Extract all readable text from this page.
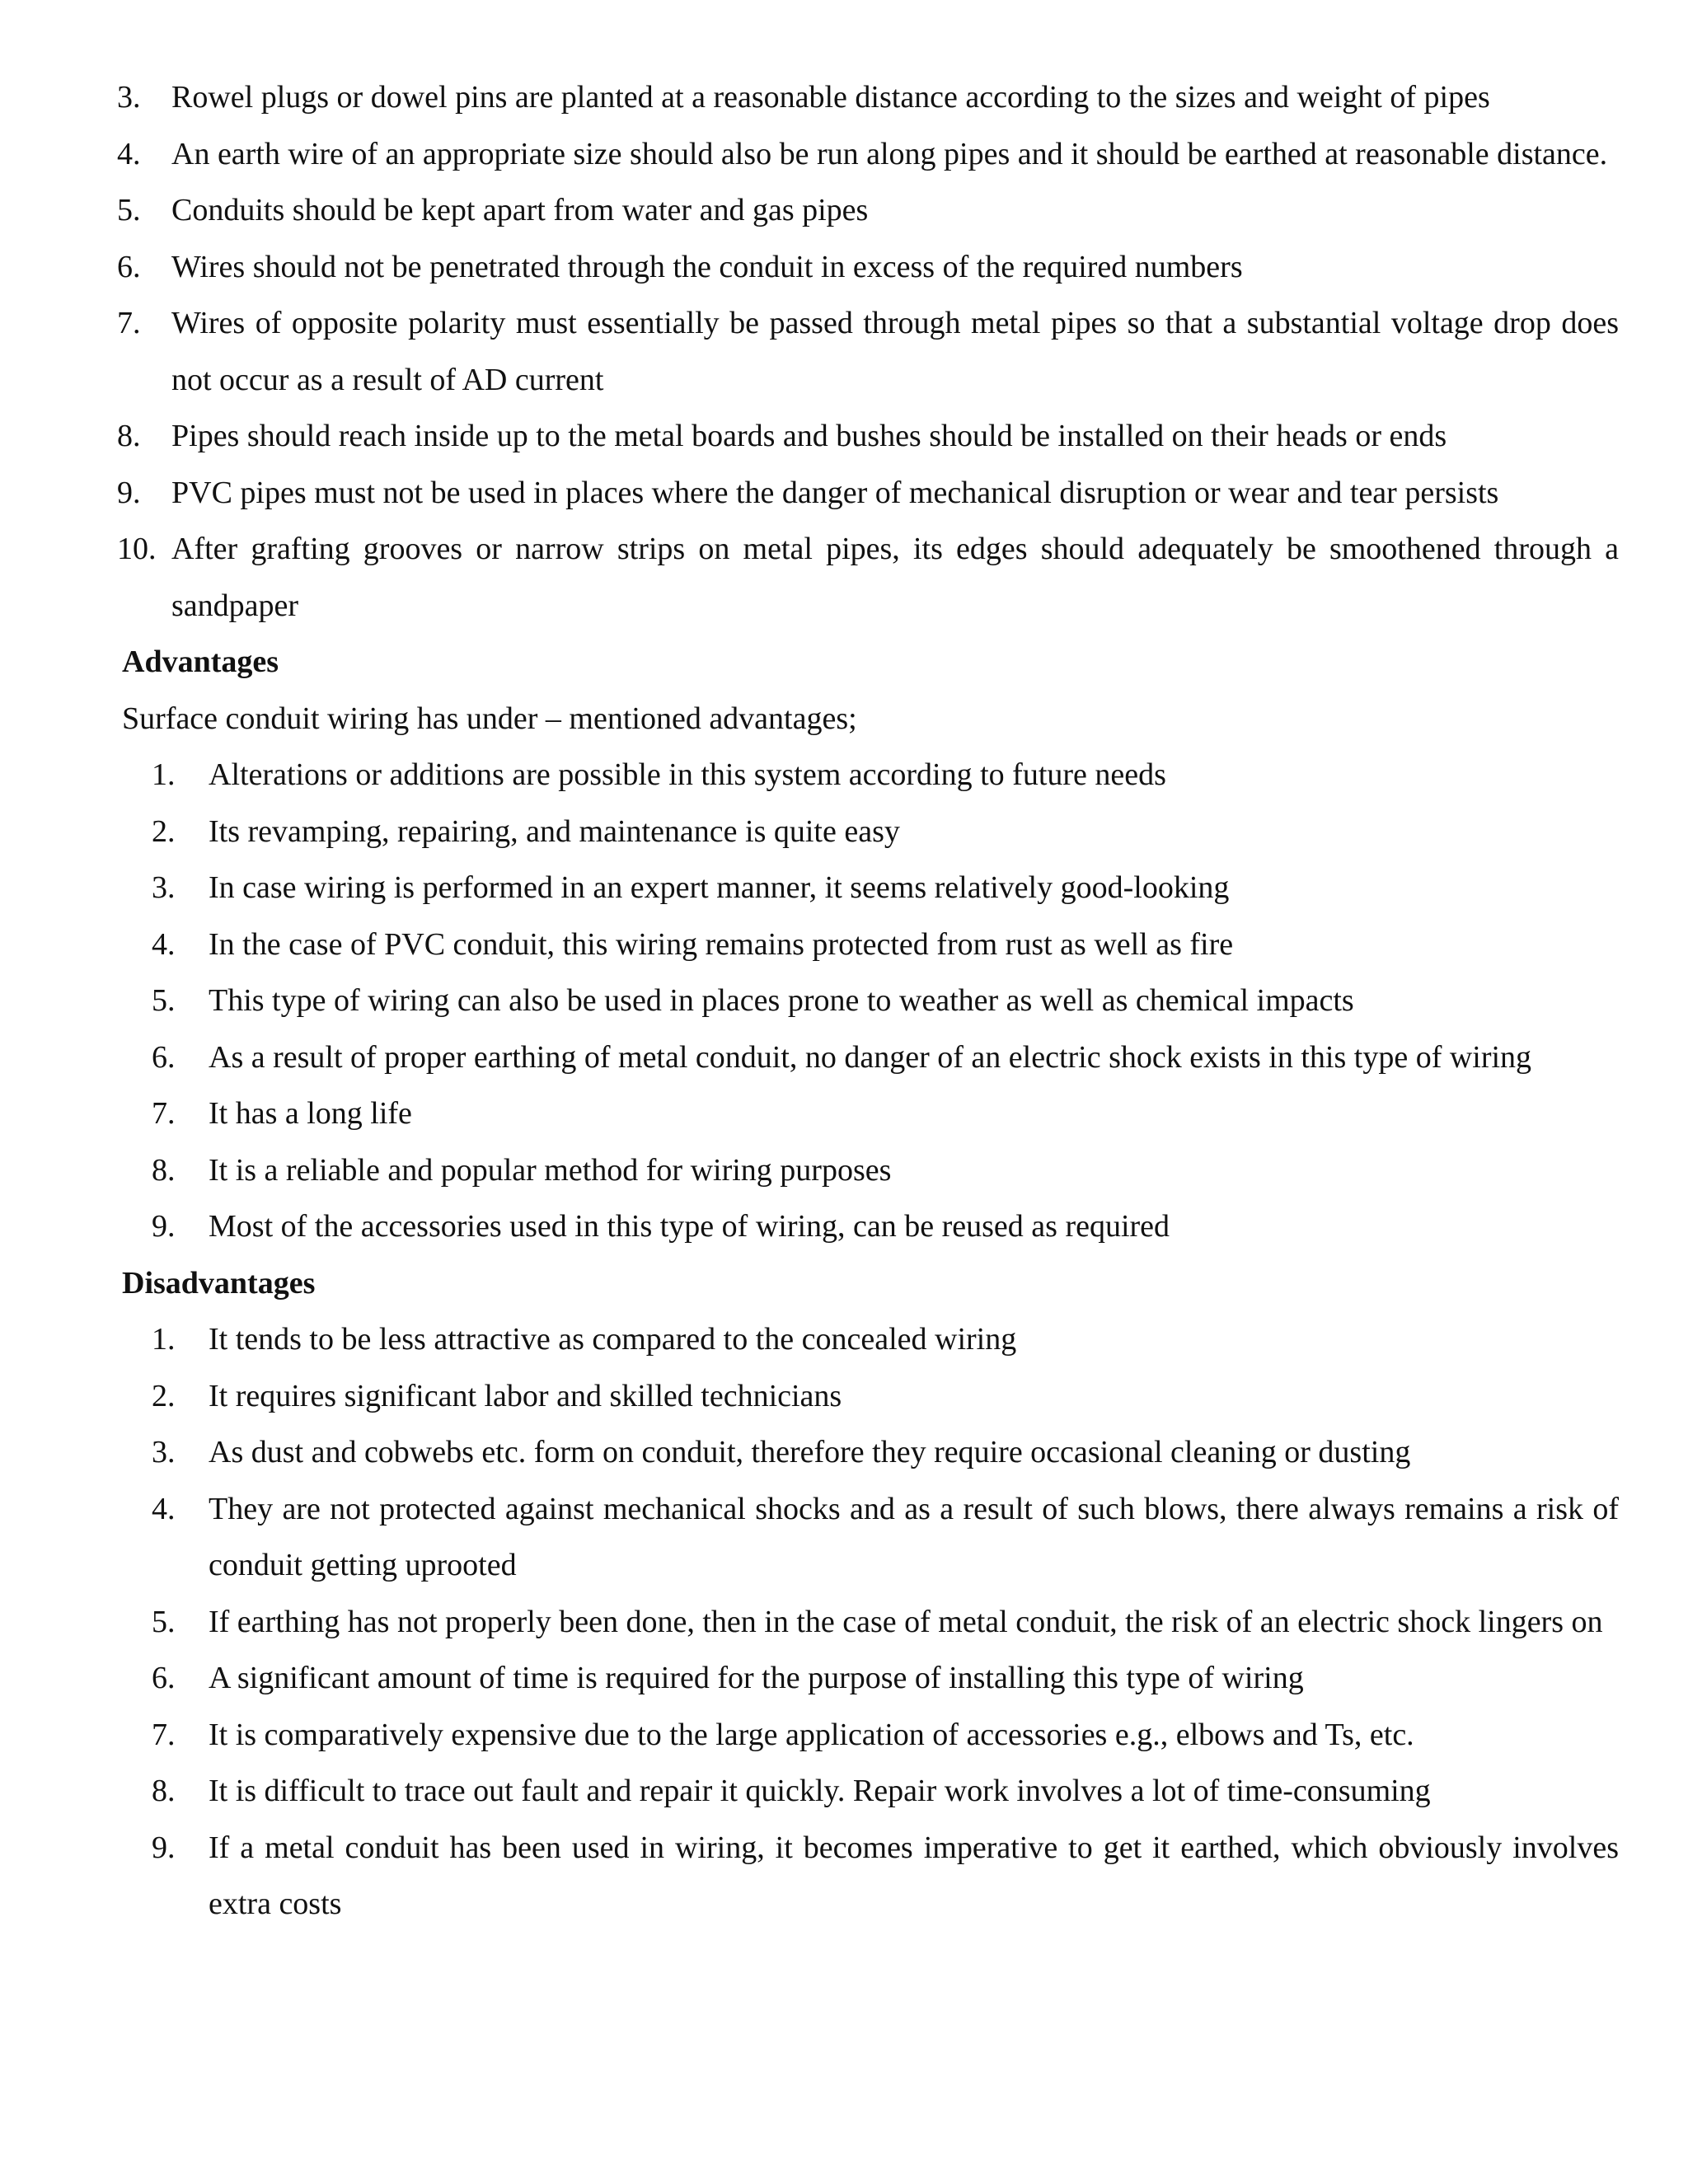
3. Rowel plugs or dowel pins are planted at a reasonable distance according to the sizes and weight of pipes
4. An earth wire of an appropriate size should also be run along pipes and it should be earthed at reasonable distance.
5. Conduits should be kept apart from water and gas pipes
6. Wires should not be penetrated through the conduit in excess of the required numbers
7. Wires of opposite polarity must essentially be passed through metal pipes so that a substantial voltage drop does not occur as a result of AD current
8. Pipes should reach inside up to the metal boards and bushes should be installed on their heads or ends
9. PVC pipes must not be used in places where the danger of mechanical disruption or wear and tear persists
10. After grafting grooves or narrow strips on metal pipes, its edges should adequately be smoothened through a sandpaper

Advantages

Surface conduit wiring has under – mentioned advantages;

1. Alterations or additions are possible in this system according to future needs
2. Its revamping, repairing, and maintenance is quite easy
3. In case wiring is performed in an expert manner, it seems relatively good-looking
4. In the case of PVC conduit, this wiring remains protected from rust as well as fire
5. This type of wiring can also be used in places prone to weather as well as chemical impacts
6. As a result of proper earthing of metal conduit, no danger of an electric shock exists in this type of wiring
7. It has a long life
8. It is a reliable and popular method for wiring purposes
9. Most of the accessories used in this type of wiring, can be reused as required

Disadvantages

1. It tends to be less attractive as compared to the concealed wiring
2. It requires significant labor and skilled technicians
3. As dust and cobwebs etc. form on conduit, therefore they require occasional cleaning or dusting
4. They are not protected against mechanical shocks and as a result of such blows, there always remains a risk of conduit getting uprooted
5. If earthing has not properly been done, then in the case of metal conduit, the risk of an electric shock lingers on
6. A significant amount of time is required for the purpose of installing this type of wiring
7. It is comparatively expensive due to the large application of accessories e.g., elbows and Ts, etc.
8. It is difficult to trace out fault and repair it quickly. Repair work involves a lot of time-consuming
9. If a metal conduit has been used in wiring, it becomes imperative to get it earthed, which obviously involves extra costs
